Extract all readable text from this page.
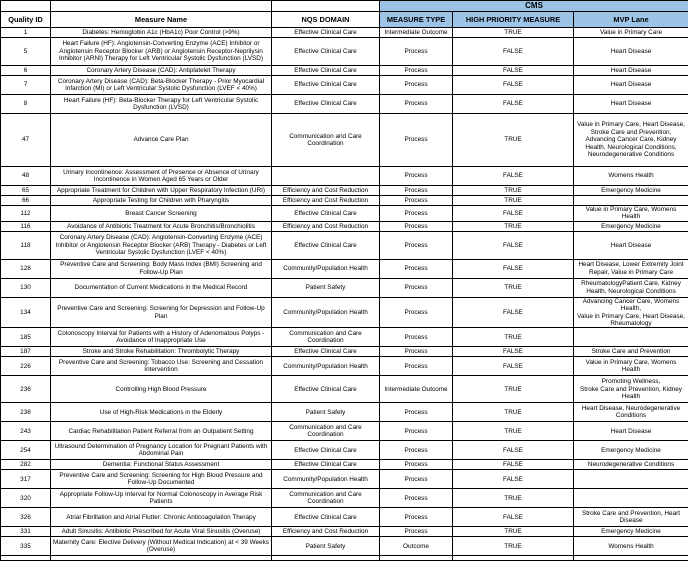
			CMS		
Quality ID	Measure Name	NQS DOMAIN	MEASURE TYPE	HIGH PRIORITY MEASURE	MVP Lane
1	Diabetes: Hemoglobin A1c (HbA1c) Poor Control (>9%)	Effective Clinical Care	Intermediate Outcome	TRUE	Value in Primary Care
5	Heart Failure (HF): Angiotensin-Converting Enzyme (ACE) Inhibitor or Angiotensin Receptor Blocker (ARB) or Angiotensin Receptor-Neprilysin Inhibitor (ARNI) Therapy for Left Ventricular Systolic Dysfunction (LVSD)	Effective Clinical Care	Process	FALSE	Heart Disease
6	Coronary Artery Disease (CAD): Antiplatelet Therapy	Effective Clinical Care	Process	FALSE	Heart Disease
7	Coronary Artery Disease (CAD): Beta-Blocker Therapy - Prior Myocardial Infarction (MI) or Left Ventricular Systolic Dysfunction (LVEF < 40%)	Effective Clinical Care	Process	FALSE	Heart Disease
8	Heart Failure (HF): Beta-Blocker Therapy for Left Ventricular Systolic Dysfunction (LVSD)	Effective Clinical Care	Process	FALSE	Heart Disease
47	Advance Care Plan	Communication and Care Coordination	Process	TRUE	Value in Primary Care, Heart Disease, Stroke Care and Prevention, Advancing Cancer Care, Kidney Health, Neurological Conditions, Neurodegenerative Conditions
48	Urinary Incontinence: Assessment of Presence or Absence of Urinary Incontinence in Women Aged 65 Years or Older		Process	FALSE	Womens Health
65	Appropriate Treatment for Children with Upper Respiratory Infection (URI)	Efficiency and Cost Reduction	Process	TRUE	Emergency Medicine
66	Appropriate Testing for Children with Pharyngitis	Efficiency and Cost Reduction	Process	TRUE	
112	Breast Cancer Screening	Effective Clinical Care	Process	FALSE	Value in Primary Care, Womens Health
116	Avoidance of Antibiotic Treatment for Acute Bronchitis/Bronchiolitis	Efficiency and Cost Reduction	Process	TRUE	Emergency Medicine
118	Coronary Artery Disease (CAD): Angiotensin-Converting Enzyme (ACE) Inhibitor or Angiotensin Receptor Blocker (ARB) Therapy - Diabetes or Left Ventricular Systolic Dysfunction (LVEF < 40%)	Effective Clinical Care	Process	FALSE	Heart Disease
128	Preventive Care and Screening: Body Mass Index (BMI) Screening and Follow-Up Plan	Community/Population Health	Process	FALSE	Heart Disease, Lower Extremity Joint Repair, Value in Primary Care
130	Documentation of Current Medications in the Medical Record	Patient Safety	Process	TRUE	RheumatologyPatient Care, Kidney Health, Neurological Conditions
134	Preventive Care and Screening: Screening for Depression and Follow-Up Plan	Community/Population Health	Process	FALSE	Advancing Cancer Care, Womens Health,
Value in Primary Care, Heart Disease, Rheumatology
185	Colonoscopy Interval for Patients with a History of Adenomatous Polyps - Avoidance of Inappropriate Use	Communication and Care Coordination	Process	TRUE	
187	Stroke and Stroke Rehabilitation: Thrombolytic Therapy	Effective Clinical Care	Process	FALSE	Stroke Care and Prevention
226	Preventive Care and Screening: Tobacco Use: Screening and Cessation Intervention	Community/Population Health	Process	FALSE	Value in Primary Care, Womens Health
236	Controlling High Blood Pressure	Effective Clinical Care	Intermediate Outcome	TRUE	Promoting Wellness,
Stroke Care and Prevention, Kidney Health
238	Use of High-Risk Medications in the Elderly	Patient Safety	Process	TRUE	Heart Disease, Neurodegenerative Conditions
243	Cardiac Rehabilitation Patient Referral from an Outpatient Setting	Communication and Care Coordination	Process	TRUE	Heart Disease
254	Ultrasound Determination of Pregnancy Location for Pregnant Patients with Abdominal Pain	Effective Clinical Care	Process	FALSE	Emergency Medicine
282	Dementia: Functional Status Assessment	Effective Clinical Care	Process	FALSE	Neurodegenerative Conditions
317	Preventive Care and Screening: Screening for High Blood Pressure and Follow-Up Documented	Community/Population Health	Process	FALSE	
320	Appropriate Follow-Up Interval for Normal Colonoscopy in Average Risk Patients	Communication and Care Coordination	Process	TRUE	
326	Atrial Fibrillation and Atrial Flutter: Chronic Anticoagulation Therapy	Effective Clinical Care	Process	FALSE	Stroke Care and Prevention, Heart Disease
331	Adult Sinusitis: Antibiotic Prescribed for Acute Viral Sinusitis (Overuse)	Efficiency and Cost Reduction	Process	TRUE	Emergency Medicine
335	Maternity Care: Elective Delivery (Without Medical Indication) at < 39 Weeks (Overuse)	Patient Safety	Outcome	TRUE	Womens Health
